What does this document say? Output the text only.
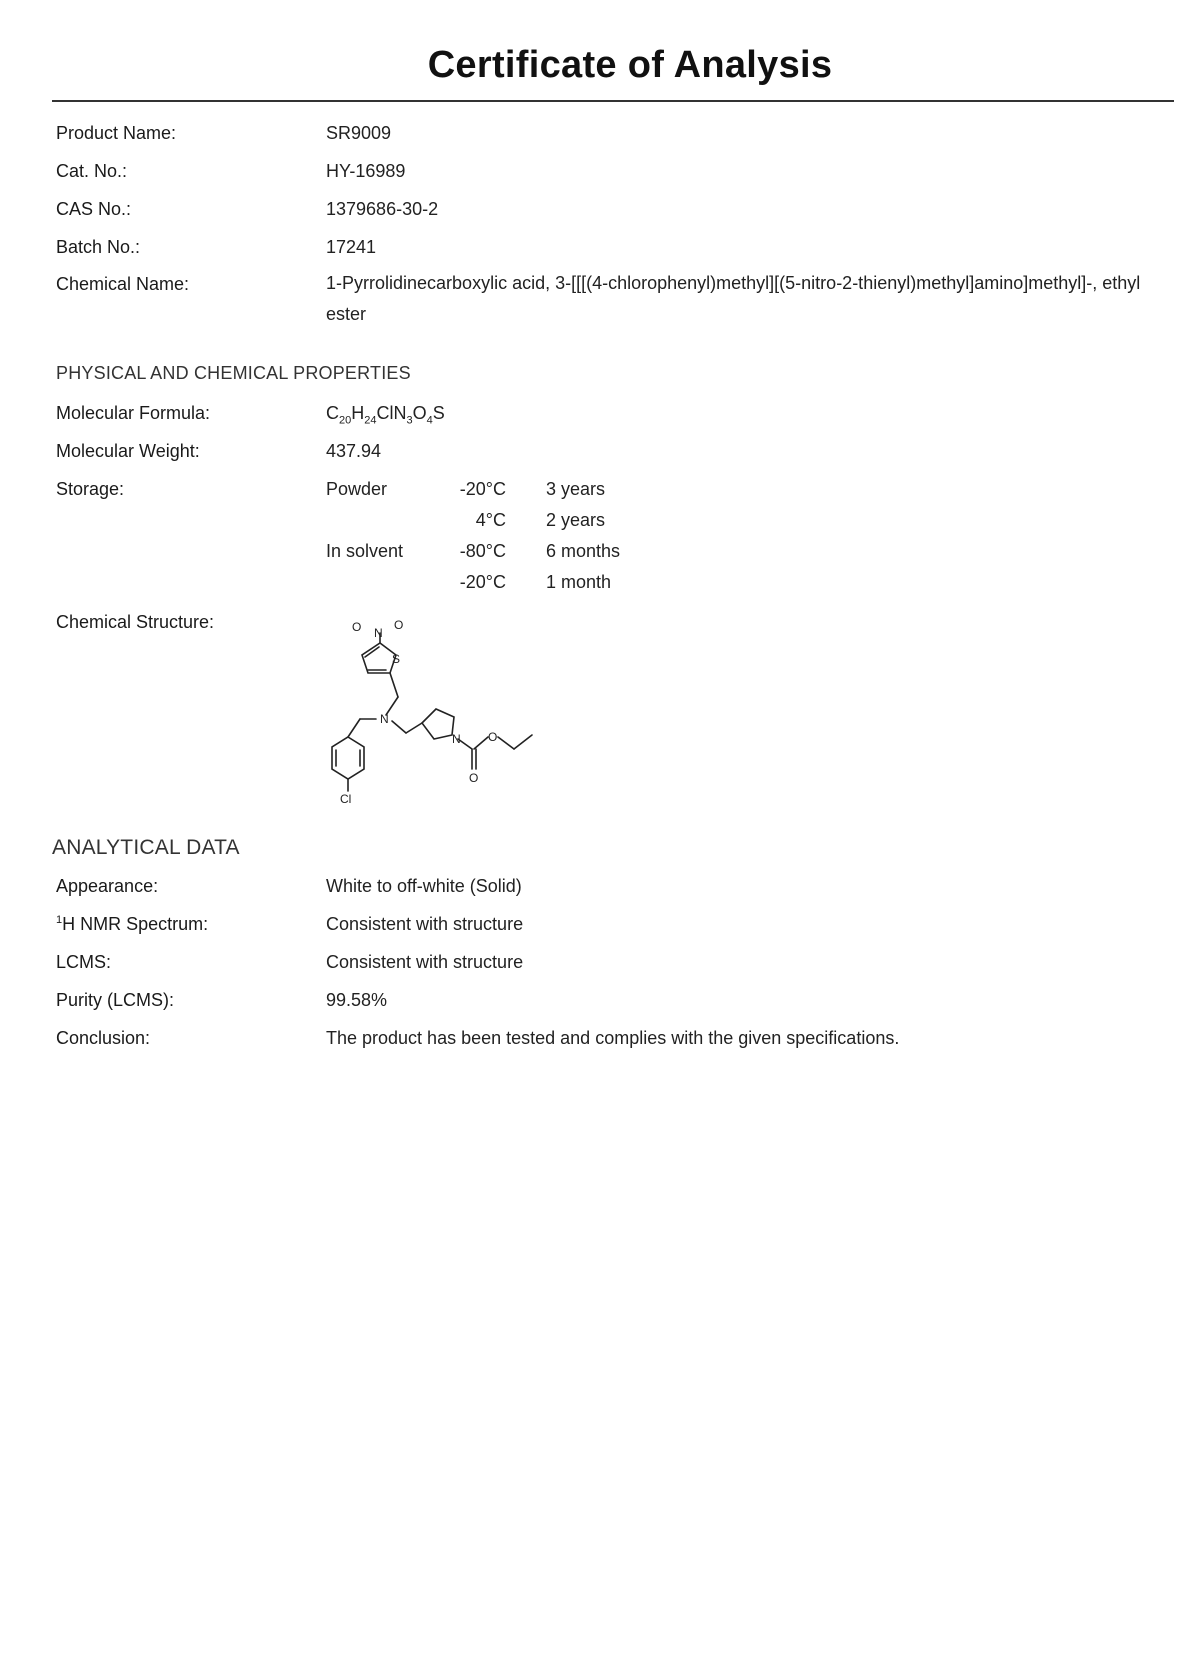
Certificate of Analysis
Product Name:	SR9009
Cat. No.:	HY-16989
CAS No.:	1379686-30-2
Batch No.:	17241
Chemical Name:	1-Pyrrolidinecarboxylic acid, 3-[[[(4-chlorophenyl)methyl][(5-nitro-2-thienyl)methyl]amino]methyl]-, ethyl ester
PHYSICAL AND CHEMICAL PROPERTIES
Molecular Formula:	$C_{20}H_{24}ClN_3O_4S$
Molecular Weight:	437.94
Storage:	Powder	-20°C 3 years
4°C 2 years
In solvent	-80°C 6 months
-20°C 1 month
Chemical Structure:	O N
O
S
N
N O
O
Cl
ANALYTICAL DATA
Appearance:	White to off-white (Solid)
$^1$H NMR Spectrum:	Consistent with structure
LCMS:	Consistent with structure
Purity (LCMS):	99.58%
Conclusion:	The product has been tested and complies with the given specifications.
